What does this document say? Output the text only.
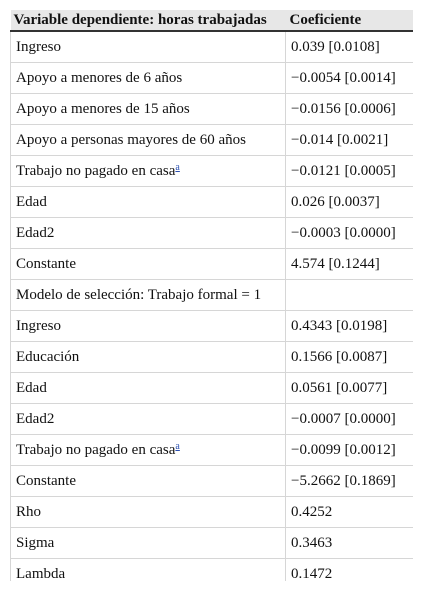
Variable dependiente: horas trabajadas	Coeficiente
Ingreso	0.039 [0.0108]
Apoyo a menores de 6 años	−0.0054 [0.0014]
Apoyo a menores de 15 años	−0.0156 [0.0006]
Apoyo a personas mayores de 60 años	−0.014 [0.0021]
Trabajo no pagado en casa$^a$	−0.0121 [0.0005]
Edad	0.026 [0.0037]
Edad2	−0.0003 [0.0000]
Constante	4.574 [0.1244]
Modelo de selección: Trabajo formal = 1	
Ingreso	0.4343 [0.0198]
Educación	0.1566 [0.0087]
Edad	0.0561 [0.0077]
Edad2	−0.0007 [0.0000]
Trabajo no pagado en casa$^a$	−0.0099 [0.0012]
Constante	−5.2662 [0.1869]
Rho	0.4252
Sigma	0.3463
Lambda	0.1472
